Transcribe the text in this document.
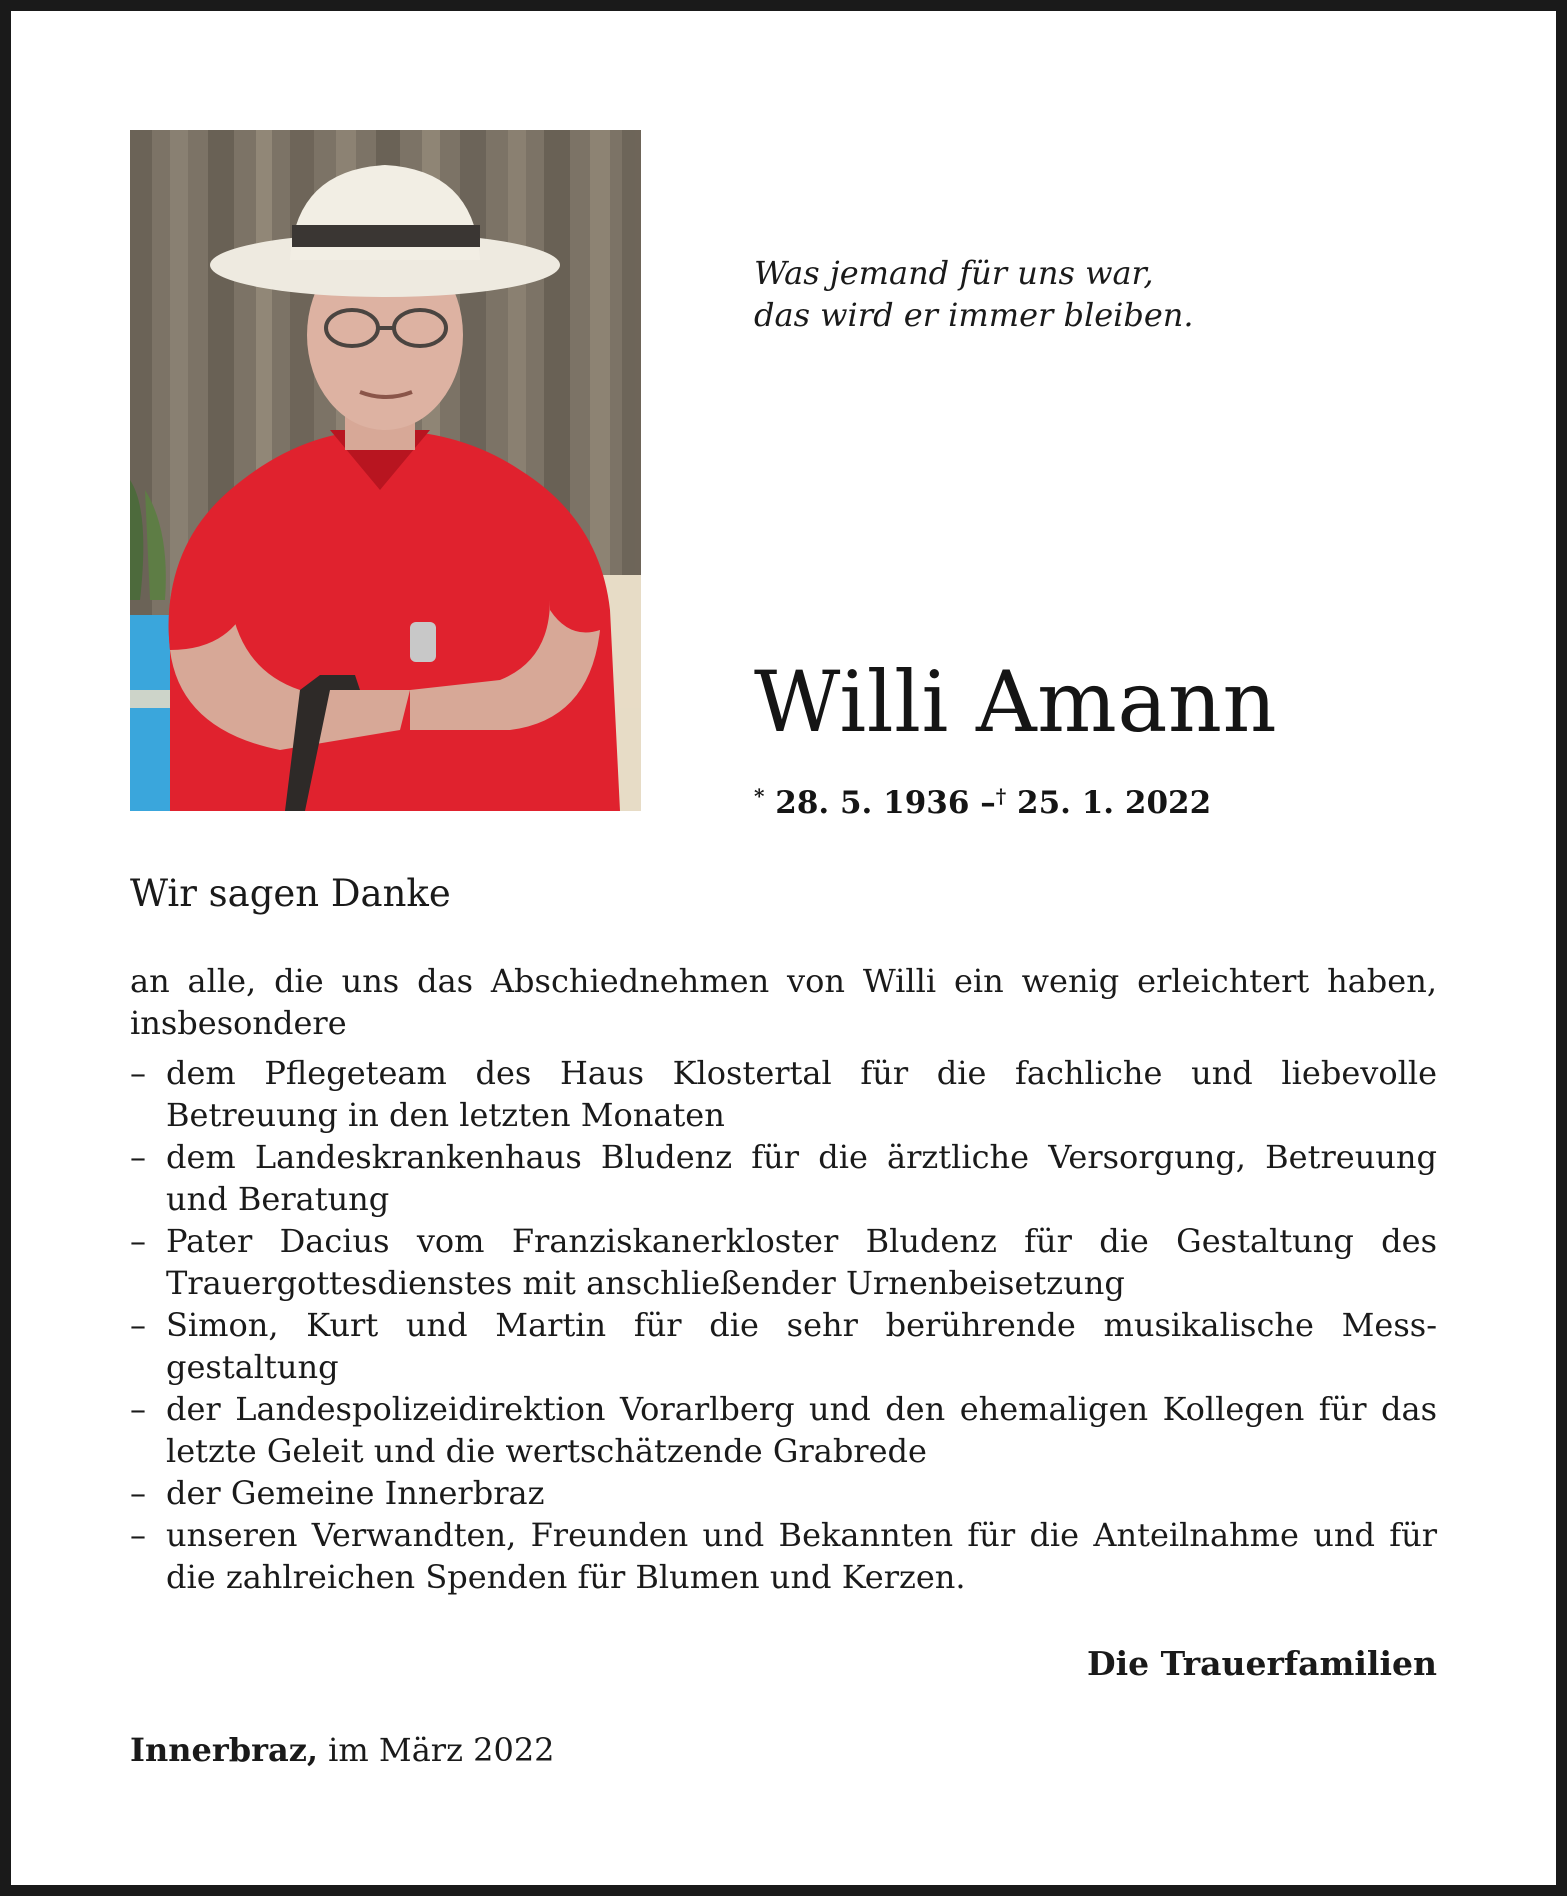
Was jemand für uns war,
das wird er immer bleiben.
Willi Amann
* 28. 5. 1936 –† 25. 1. 2022
Wir sagen Danke
an alle, die uns das Abschiednehmen von Willi ein wenig erleichtert haben, insbesondere
– dem Pflegeteam des Haus Klostertal für die fachliche und liebevolle Betreuung in den letzten Monaten
– dem Landeskrankenhaus Bludenz für die ärztliche Versorgung, Betreuung und Beratung
– Pater Dacius vom Franziskanerkloster Bludenz für die Gestaltung des Trauergottesdienstes mit anschließender Urnenbeisetzung
– Simon, Kurt und Martin für die sehr berührende musikalische Messgestaltung
– der Landespolizeidirektion Vorarlberg und den ehemaligen Kollegen für das letzte Geleit und die wertschätzende Grabrede
– der Gemeine Innerbraz
– unseren Verwandten, Freunden und Bekannten für die Anteilnahme und für die zahlreichen Spenden für Blumen und Kerzen.
Die Trauerfamilien
Innerbraz, im März 2022
